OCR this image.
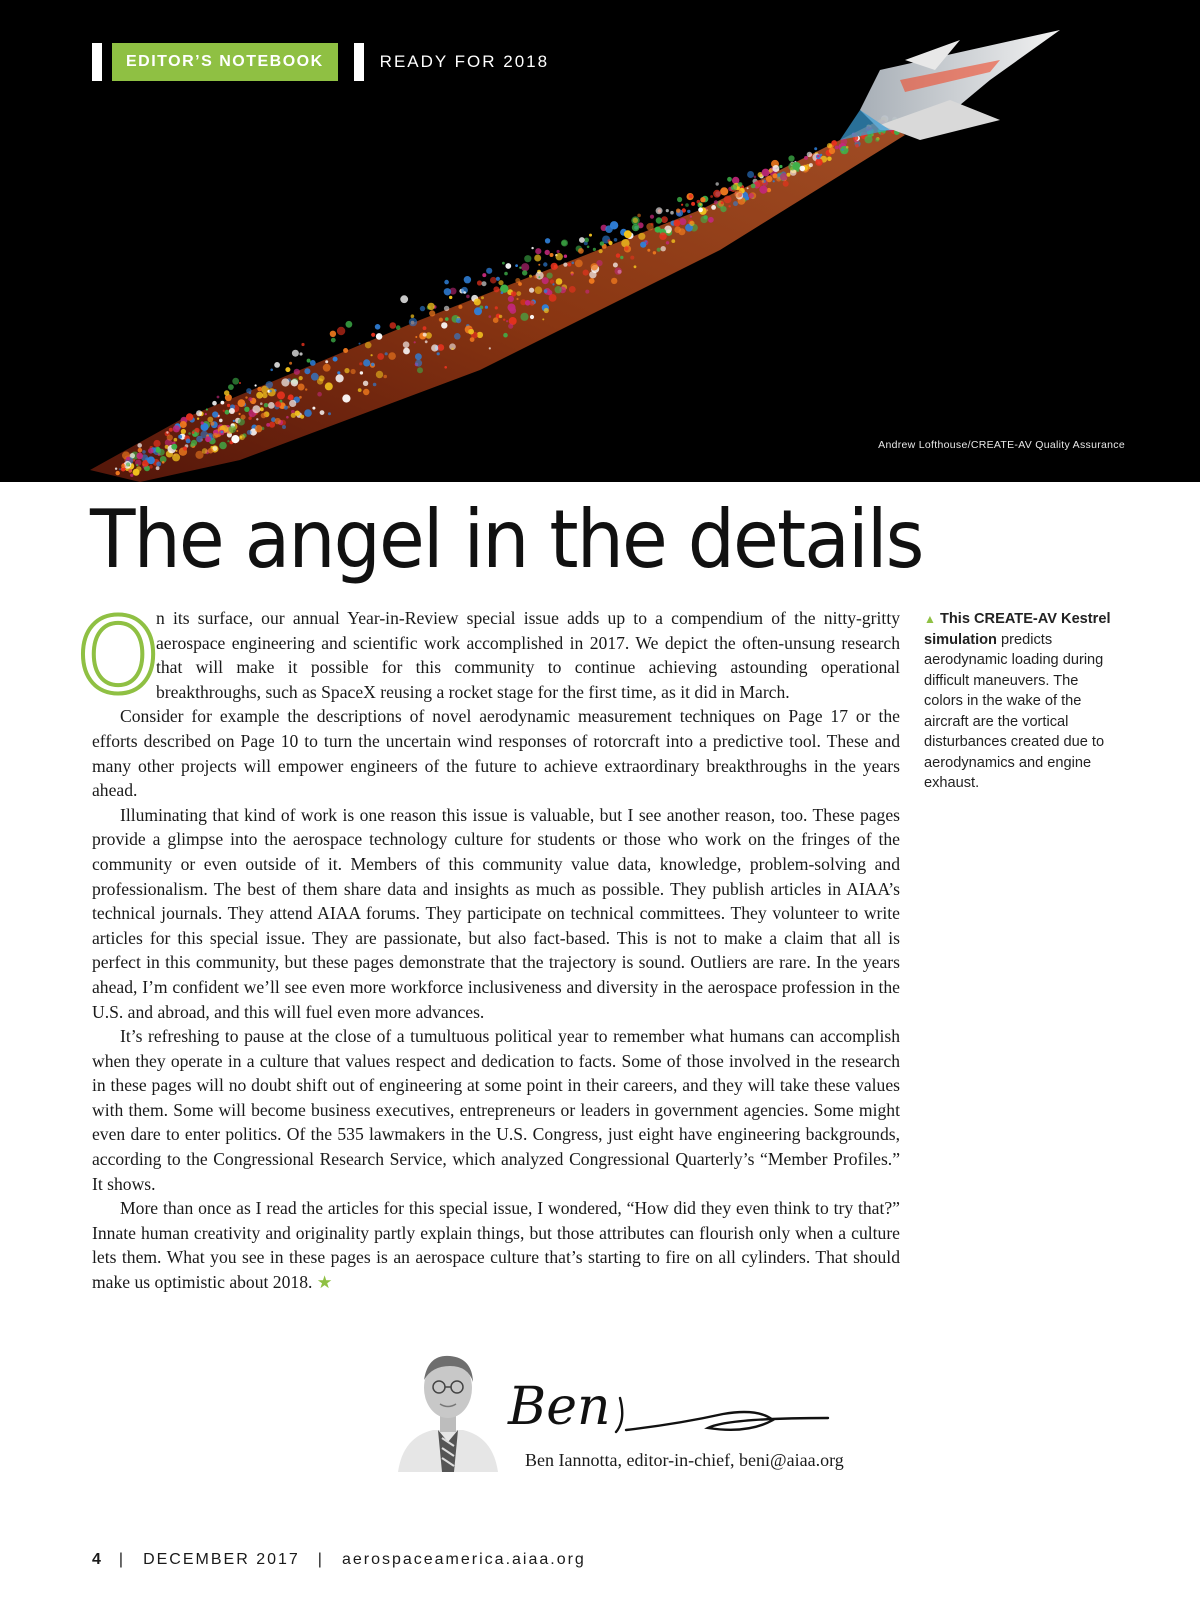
EDITOR’S NOTEBOOK	READY FOR 2018
Andrew Lofthouse/CREATE-AV Quality Assurance
The angel in the details

O
n its surface, our annual Year-in-Review special issue adds up to a compendium of the nitty-gritty aerospace engineering and scientific work accomplished in 2017. We depict the often-unsung research that will make it possible for this community to continue achieving astounding operational breakthroughs, such as SpaceX reusing a rocket stage for the first time, as it did in March.

Consider for example the descriptions of novel aerodynamic measurement techniques on Page 17 or the efforts described on Page 10 to turn the uncertain wind responses of rotorcraft into a predictive tool. These and many other projects will empower engineers of the future to achieve extraordinary breakthroughs in the years ahead.

Illuminating that kind of work is one reason this issue is valuable, but I see another reason, too. These pages provide a glimpse into the aerospace technology culture for students or those who work on the fringes of the community or even outside of it. Members of this community value data, knowledge, problem-solving and professionalism. The best of them share data and insights as much as possible. They publish articles in AIAA’s technical journals. They attend AIAA forums. They participate on technical committees. They volunteer to write articles for this special issue. They are passionate, but also fact-based. This is not to make a claim that all is perfect in this community, but these pages demonstrate that the trajectory is sound. Outliers are rare. In the years ahead, I’m confident we’ll see even more workforce inclusiveness and diversity in the aerospace profession in the U.S. and abroad, and this will fuel even more advances.

It’s refreshing to pause at the close of a tumultuous political year to remember what humans can accomplish when they operate in a culture that values respect and dedication to facts. Some of those involved in the research in these pages will no doubt shift out of engineering at some point in their careers, and they will take these values with them. Some will become business executives, entrepreneurs or leaders in government agencies. Some might even dare to enter politics. Of the 535 lawmakers in the U.S. Congress, just eight have engineering backgrounds, according to the Congressional Research Service, which analyzed Congressional Quarterly’s “Member Profiles.” It shows.

More than once as I read the articles for this special issue, I wondered, “How did they even think to try that?” Innate human creativity and originality partly explain things, but those attributes can flourish only when a culture lets them. What you see in these pages is an aerospace culture that’s starting to fire on all cylinders. That should make us optimistic about 2018. ★

▲ This CREATE-AV Kestrel simulation predicts aerodynamic loading during difficult maneuvers. The colors in the wake of the aircraft are the vortical disturbances created due to aerodynamics and engine exhaust.
Ben
Ben Iannotta, editor-in-chief, beni@aiaa.org
4 | DECEMBER 2017 | aerospaceamerica.aiaa.org
